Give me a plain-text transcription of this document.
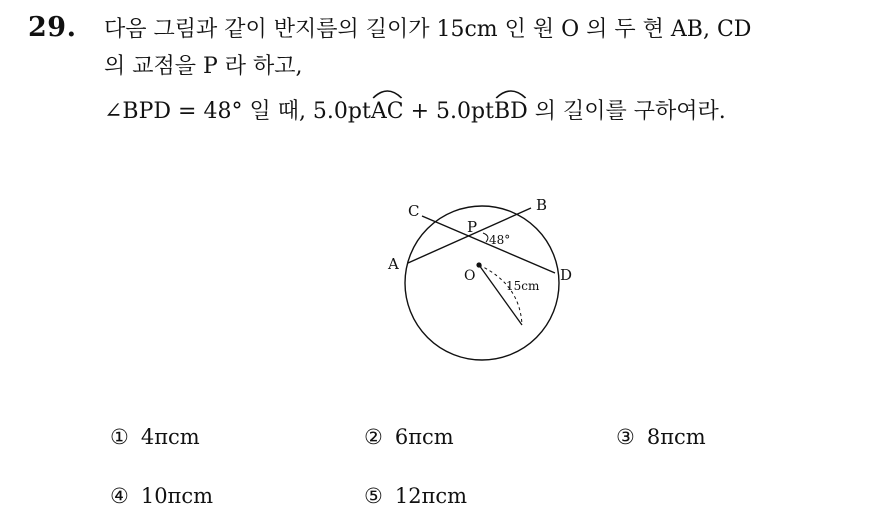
29. 다음 그림과 같이 반지름의 길이가 15cm 인 원 O 의 두 현 AB, CD
의 교점을 P 라 하고,
∠BPD = 48° 일 때, 5.0pt
AC + 5.0pt
BD 의 길이를 구하여라.
C	B
P
48°
A
O
15cm
D
① 4πcm	② 6πcm	③ 8πcm
④ 10πcm	⑤ 12πcm
